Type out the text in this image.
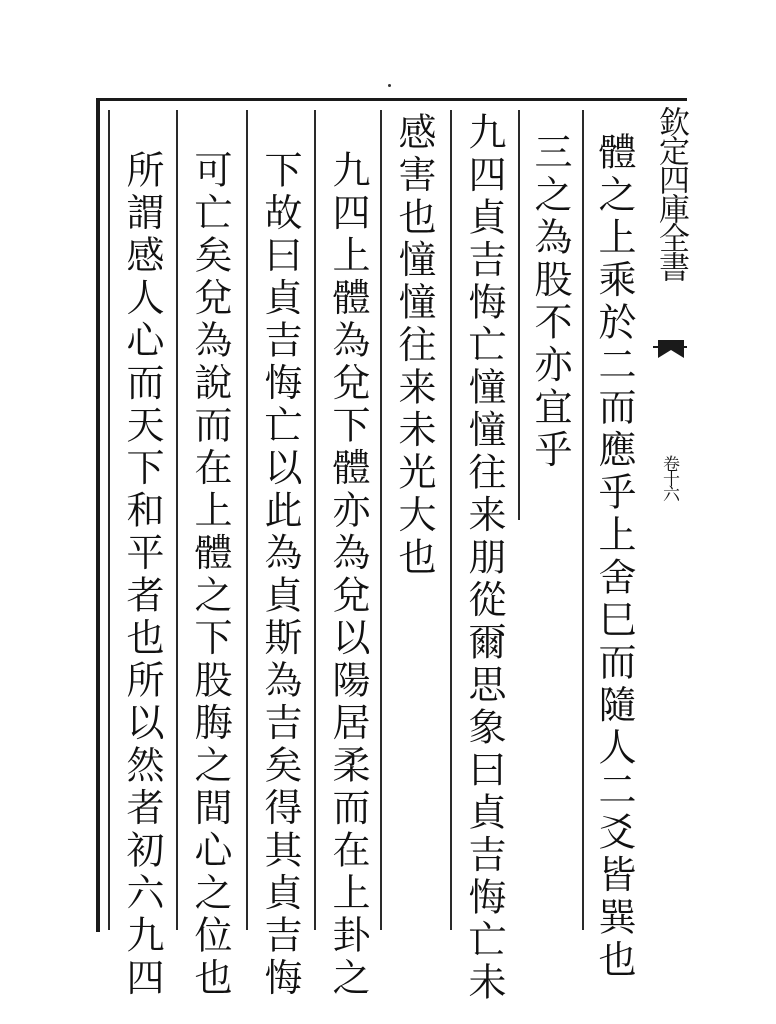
欽定四庫全書
卷十六
體之上乘於二而應乎上舍巳而隨人二爻皆巽也
三之為股不亦宜乎
九四貞吉悔亡憧憧往来朋從爾思象曰貞吉悔亡未
感害也憧憧往来未光大也
九四上體為兌下體亦為兌以陽居柔而在上卦之
下故曰貞吉悔亡以此為貞斯為吉矣得其貞吉悔
可亡矣兌為說而在上體之下股脢之間心之位也
所謂感人心而天下和平者也所以然者初六九四
